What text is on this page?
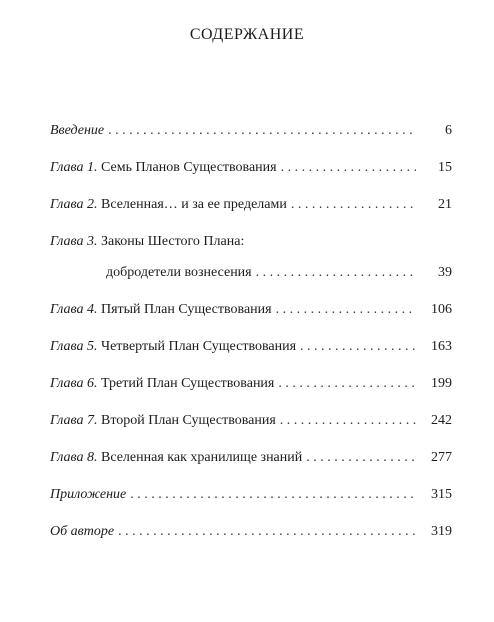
СОДЕРЖАНИЕ
Введение . . .	6
Глава 1. Семь Планов Существования . . .	15
Глава 2. Вселенная… и за ее пределами . . .	21
Глава 3. Законы Шестого Плана:
добродетели вознесения . . .	39
Глава 4. Пятый План Существования . . .	106
Глава 5. Четвертый План Существования . . .	163
Глава 6. Третий План Существования . . .	199
Глава 7. Второй План Существования . . .	242
Глава 8. Вселенная как хранилище знаний . . .	277
Приложение . . .	315
Об авторе . . .	319
